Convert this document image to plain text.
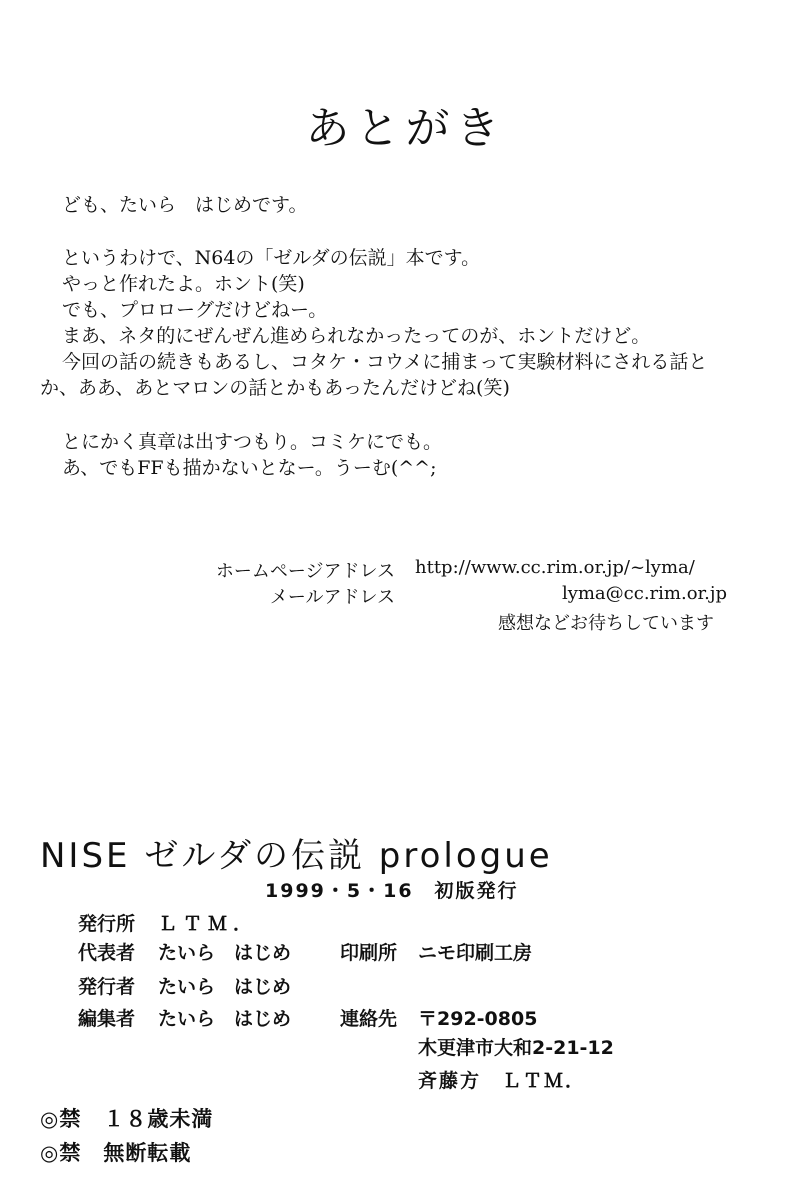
あとがき
ども、たいら　はじめです。
というわけで、N64の「ゼルダの伝説」本です。
やっと作れたよ。ホント(笑)
でも、プロローグだけどねー。
まあ、ネタ的にぜんぜん進められなかったってのが、ホントだけど。
今回の話の続きもあるし、コタケ・コウメに捕まって実験材料にされる話と
か、ああ、あとマロンの話とかもあったんだけどね(笑)
とにかく真章は出すつもり。コミケにでも。
あ、でもFFも描かないとなー。うーむ(^^;
ホームページアドレス http://www.cc.rim.or.jp/~lyma/
メールアドレス	lyma@cc.rim.or.jp
感想などお待ちしています
NISE ゼルダの伝説 prologue
1999・5・16　初版発行
発行所 ＬＴＭ．
代表者 たいら　はじめ	印刷所 ニモ印刷工房
発行者 たいら　はじめ
編集者 たいら　はじめ	連絡先 〒292-0805
木更津市大和2-21-12
斉藤方　ＬＴＭ．
◎禁　１８歳未満
◎禁　無断転載
